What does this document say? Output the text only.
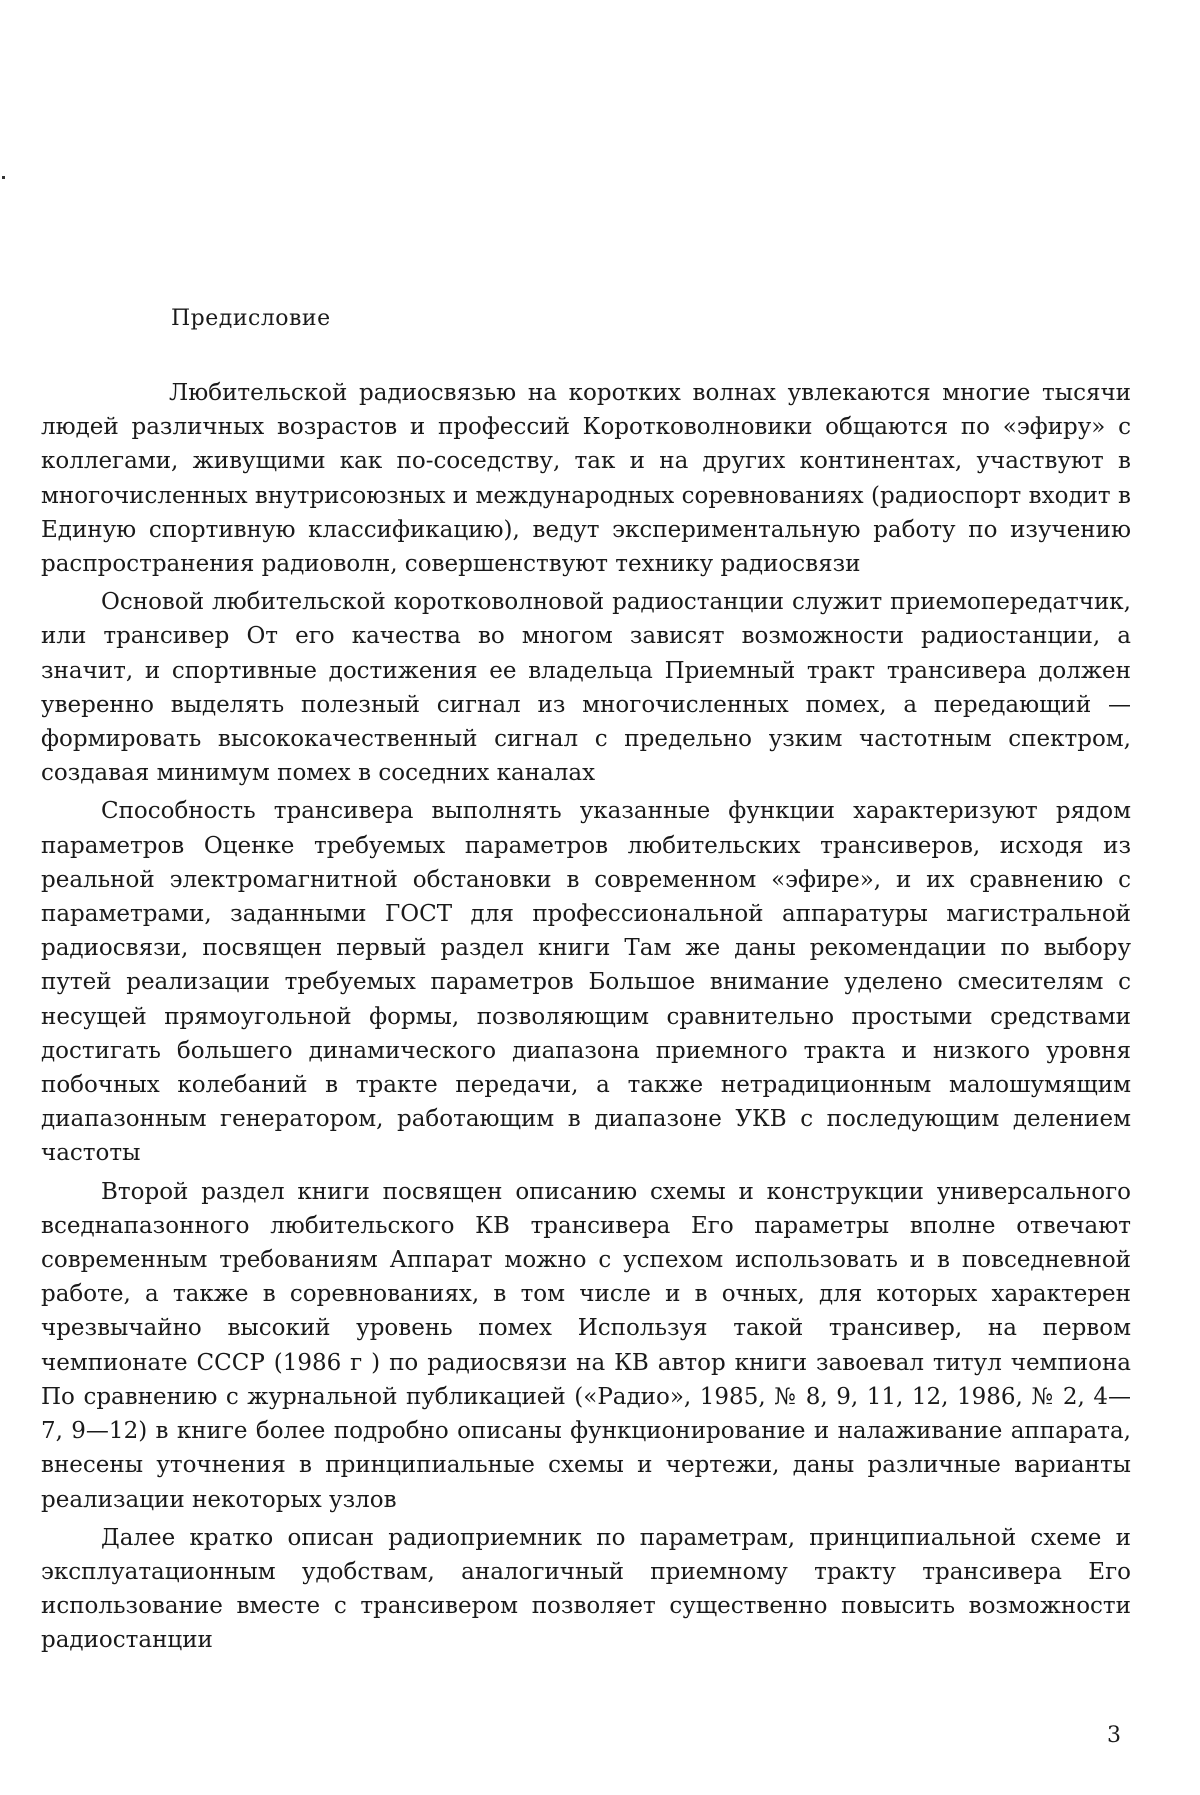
Предисловие

Любительской радиосвязью на коротких волнах увлекаются многие тысячи людей различных возрастов и профессий Коротковолновики общаются по «эфиру» с коллегами, живущими как по-соседству, так и на других континентах, участвуют в многочисленных внутрисоюзных и международных соревнованиях (радиоспорт входит в Единую спортивную классификацию), ведут экспериментальную работу по изучению распространения радиоволн, совершенствуют технику радиосвязи

Основой любительской коротковолновой радиостанции служит приемопередатчик, или трансивер От его качества во многом зависят возможности радиостанции, а значит, и спортивные достижения ее владельца Приемный тракт трансивера должен уверенно выделять полезный сигнал из многочисленных помех, а передающий — формировать высококачественный сигнал с предельно узким частотным спектром, создавая минимум помех в соседних каналах

Способность трансивера выполнять указанные функции характеризуют рядом параметров Оценке требуемых параметров любительских трансиверов, исходя из реальной электромагнитной обстановки в современном «эфире», и их сравнению с параметрами, заданными ГОСТ для профессиональной аппаратуры магистральной радиосвязи, посвящен первый раздел книги Там же даны рекомендации по выбору путей реализации требуемых параметров Большое внимание уделено смесителям с несущей прямоугольной формы, позволяющим сравнительно простыми средствами достигать большего динамического диапазона приемного тракта и низкого уровня побочных колебаний в тракте передачи, а также нетрадиционным малошумящим диапазонным генератором, работающим в диапазоне УКВ с последующим делением частоты

Второй раздел книги посвящен описанию схемы и конструкции универсального вседнапазонного любительского КВ трансивера Его параметры вполне отвечают современным требованиям Аппарат можно с успехом использовать и в повседневной работе, а также в соревнованиях, в том числе и в очных, для которых характерен чрезвычайно высокий уровень помех Используя такой трансивер, на первом чемпионате СССР (1986 г ) по радиосвязи на КВ автор книги завоевал титул чемпиона По сравнению с журнальной публикацией («Радио», 1985, № 8, 9, 11, 12, 1986, № 2, 4—7, 9—12) в книге более подробно описаны функционирование и налаживание аппарата, внесены уточнения в принципиальные схемы и чертежи, даны различные варианты реализации некоторых узлов

Далее кратко описан радиоприемник по параметрам, принципиальной схеме и эксплуатационным удобствам, аналогичный приемному тракту трансивера Его использование вместе с трансивером позволяет существенно повысить возможности радиостанции

3
